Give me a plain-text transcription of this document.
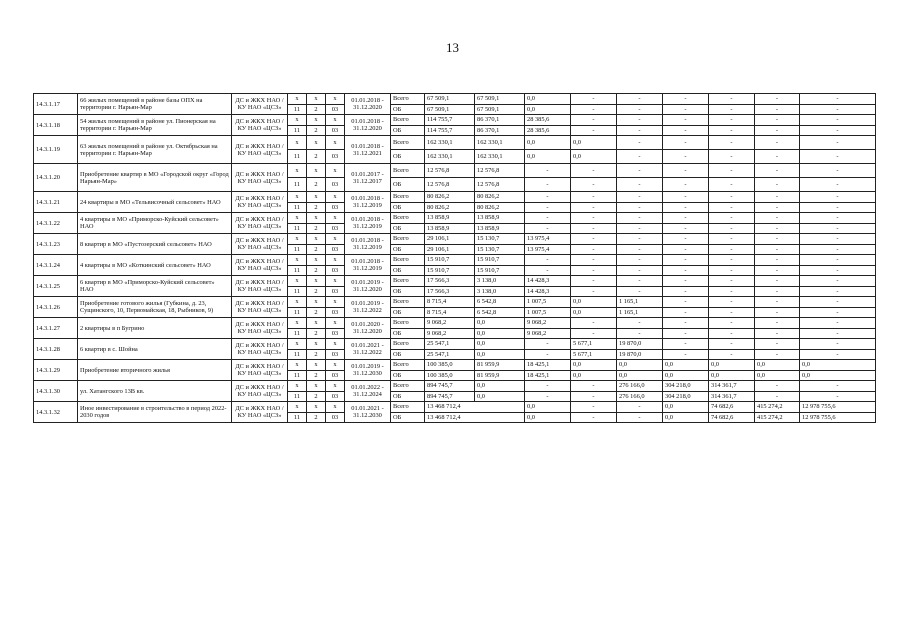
13
14.3.1.17	66 жилых помещений в районе базы ОПХ на территории г. Нарьян-Мар	ДС и ЖКХ НАО / КУ НАО «ЦСЗ»	x	x	x	01.01.2018 - 31.12.2020	Всего	67 509,1	67 509,1	0,0	-	-	-	-	-	-
			11	2	03		ОБ	67 509,1	67 509,1	0,0	-	-	-	-	-	-
14.3.1.18	54 жилых помещений в районе ул. Пионерская на территории г. Нарьян-Мар	ДС и ЖКХ НАО / КУ НАО «ЦСЗ»	x	x	x	01.01.2018 - 31.12.2020	Всего	114 755,7	86 370,1	28 385,6	-	-	-	-	-	-
			11	2	03		ОБ	114 755,7	86 370,1	28 385,6	-	-	-	-	-	-
14.3.1.19	63 жилых помещений в районе ул. Октябрьская на территории г. Нарьян-Мар	ДС и ЖКХ НАО / КУ НАО «ЦСЗ»	x	x	x	01.01.2018 - 31.12.2021	Всего	162 330,1	162 330,1	0,0	0,0	-	-	-	-	-
			11	2	03		ОБ	162 330,1	162 330,1	0,0	0,0	-	-	-	-	-
14.3.1.20	Приобретение квартир в МО «Городской округ «Город Нарьян-Мар»	ДС и ЖКХ НАО / КУ НАО «ЦСЗ»	x	x	x	01.01.2017 - 31.12.2017	Всего	12 576,8	12 576,8	-	-	-	-	-	-	-
			11	2	03		ОБ	12 576,8	12 576,8	-	-	-	-	-	-	-
14.3.1.21	24 квартиры в МО «Тельвисочный сельсовет» НАО	ДС и ЖКХ НАО / КУ НАО «ЦСЗ»	x	x	x	01.01.2018 - 31.12.2019	Всего	80 826,2	80 826,2	-	-	-	-	-	-	-
			11	2	03		ОБ	80 826,2	80 826,2	-	-	-	-	-	-	-
14.3.1.22	4 квартиры в МО «Приморско-Куйский сельсовет» НАО	ДС и ЖКХ НАО / КУ НАО «ЦСЗ»	x	x	x	01.01.2018 - 31.12.2019	Всего	13 858,9	13 858,9	-	-	-	-	-	-	-
			11	2	03		ОБ	13 858,9	13 858,9	-	-	-	-	-	-	-
14.3.1.23	8 квартир в МО «Пустозерский сельсовет» НАО	ДС и ЖКХ НАО / КУ НАО «ЦСЗ»	x	x	x	01.01.2018 - 31.12.2019	Всего	29 106,1	15 130,7	13 975,4	-	-	-	-	-	-
			11	2	03		ОБ	29 106,1	15 130,7	13 975,4	-	-	-	-	-	-
14.3.1.24	4 квартиры в МО «Коткинский сельсовет» НАО	ДС и ЖКХ НАО / КУ НАО «ЦСЗ»	x	x	x	01.01.2018 - 31.12.2019	Всего	15 910,7	15 910,7	-	-	-	-	-	-	-
			11	2	03		ОБ	15 910,7	15 910,7	-	-	-	-	-	-	-
14.3.1.25	6 квартир в МО «Приморско-Куйский сельсовет» НАО	ДС и ЖКХ НАО / КУ НАО «ЦСЗ»	x	x	x	01.01.2019 - 31.12.2020	Всего	17 566,3	3 138,0	14 428,3	-	-	-	-	-	-
			11	2	03		ОБ	17 566,3	3 138,0	14 428,3	-	-	-	-	-	-
14.3.1.26	Приобретение готового жилья (Губкина, д. 23, Сущинского, 10, Первомайская, 18, Рыбников, 9)	ДС и ЖКХ НАО / КУ НАО «ЦСЗ»	x	x	x	01.01.2019 - 31.12.2022	Всего	8 715,4	6 542,8	1 007,5	0,0	1 165,1	-	-	-	-
			11	2	03		ОБ	8 715,4	6 542,8	1 007,5	0,0	1 165,1	-	-	-	-
14.3.1.27	2 квартиры в п Бугрино	ДС и ЖКХ НАО / КУ НАО «ЦСЗ»	x	x	x	01.01.2020 - 31.12.2020	Всего	9 068,2	0,0	9 068,2	-	-	-	-	-	-
			11	2	03		ОБ	9 068,2	0,0	9 068,2	-	-	-	-	-	-
14.3.1.28	6 квартир в с. Шойна	ДС и ЖКХ НАО / КУ НАО «ЦСЗ»	x	x	x	01.01.2021 - 31.12.2022	Всего	25 547,1	0,0	-	5 677,1	19 870,0	-	-	-	-
			11	2	03		ОБ	25 547,1	0,0	-	5 677,1	19 870,0	-	-	-	-
14.3.1.29	Приобретение вторичного жилья	ДС и ЖКХ НАО / КУ НАО «ЦСЗ»	x	x	x	01.01.2019 - 31.12.2030	Всего	100 385,0	81 959,9	18 425,1	0,0	0,0	0,0	0,0	0,0	0,0
			11	2	03		ОБ	100 385,0	81 959,9	18 425,1	0,0	0,0	0,0	0,0	0,0	0,0
14.3.1.30	ул. Хатангского 13В кв.	ДС и ЖКХ НАО / КУ НАО «ЦСЗ»	x	x	x	01.01.2022 - 31.12.2024	Всего	894 745,7	0,0	-	-	276 166,0	304 218,0	314 361,7	-	-
			11	2	03		ОБ	894 745,7	0,0	-	-	276 166,0	304 218,0	314 361,7	-	-
14.3.1.32	Иное инвестирование в строительство в период 2022-2030 годов	ДС и ЖКХ НАО / КУ НАО «ЦСЗ»	x	x	x	01.01.2021 - 31.12.2030	Всего	13 468 712,4		0,0	-	-	0,0	74 682,6	415 274,2	12 978 755,6
			11	2	03		ОБ	13 468 712,4		0,0	-	-	0,0	74 682,6	415 274,2	12 978 755,6
